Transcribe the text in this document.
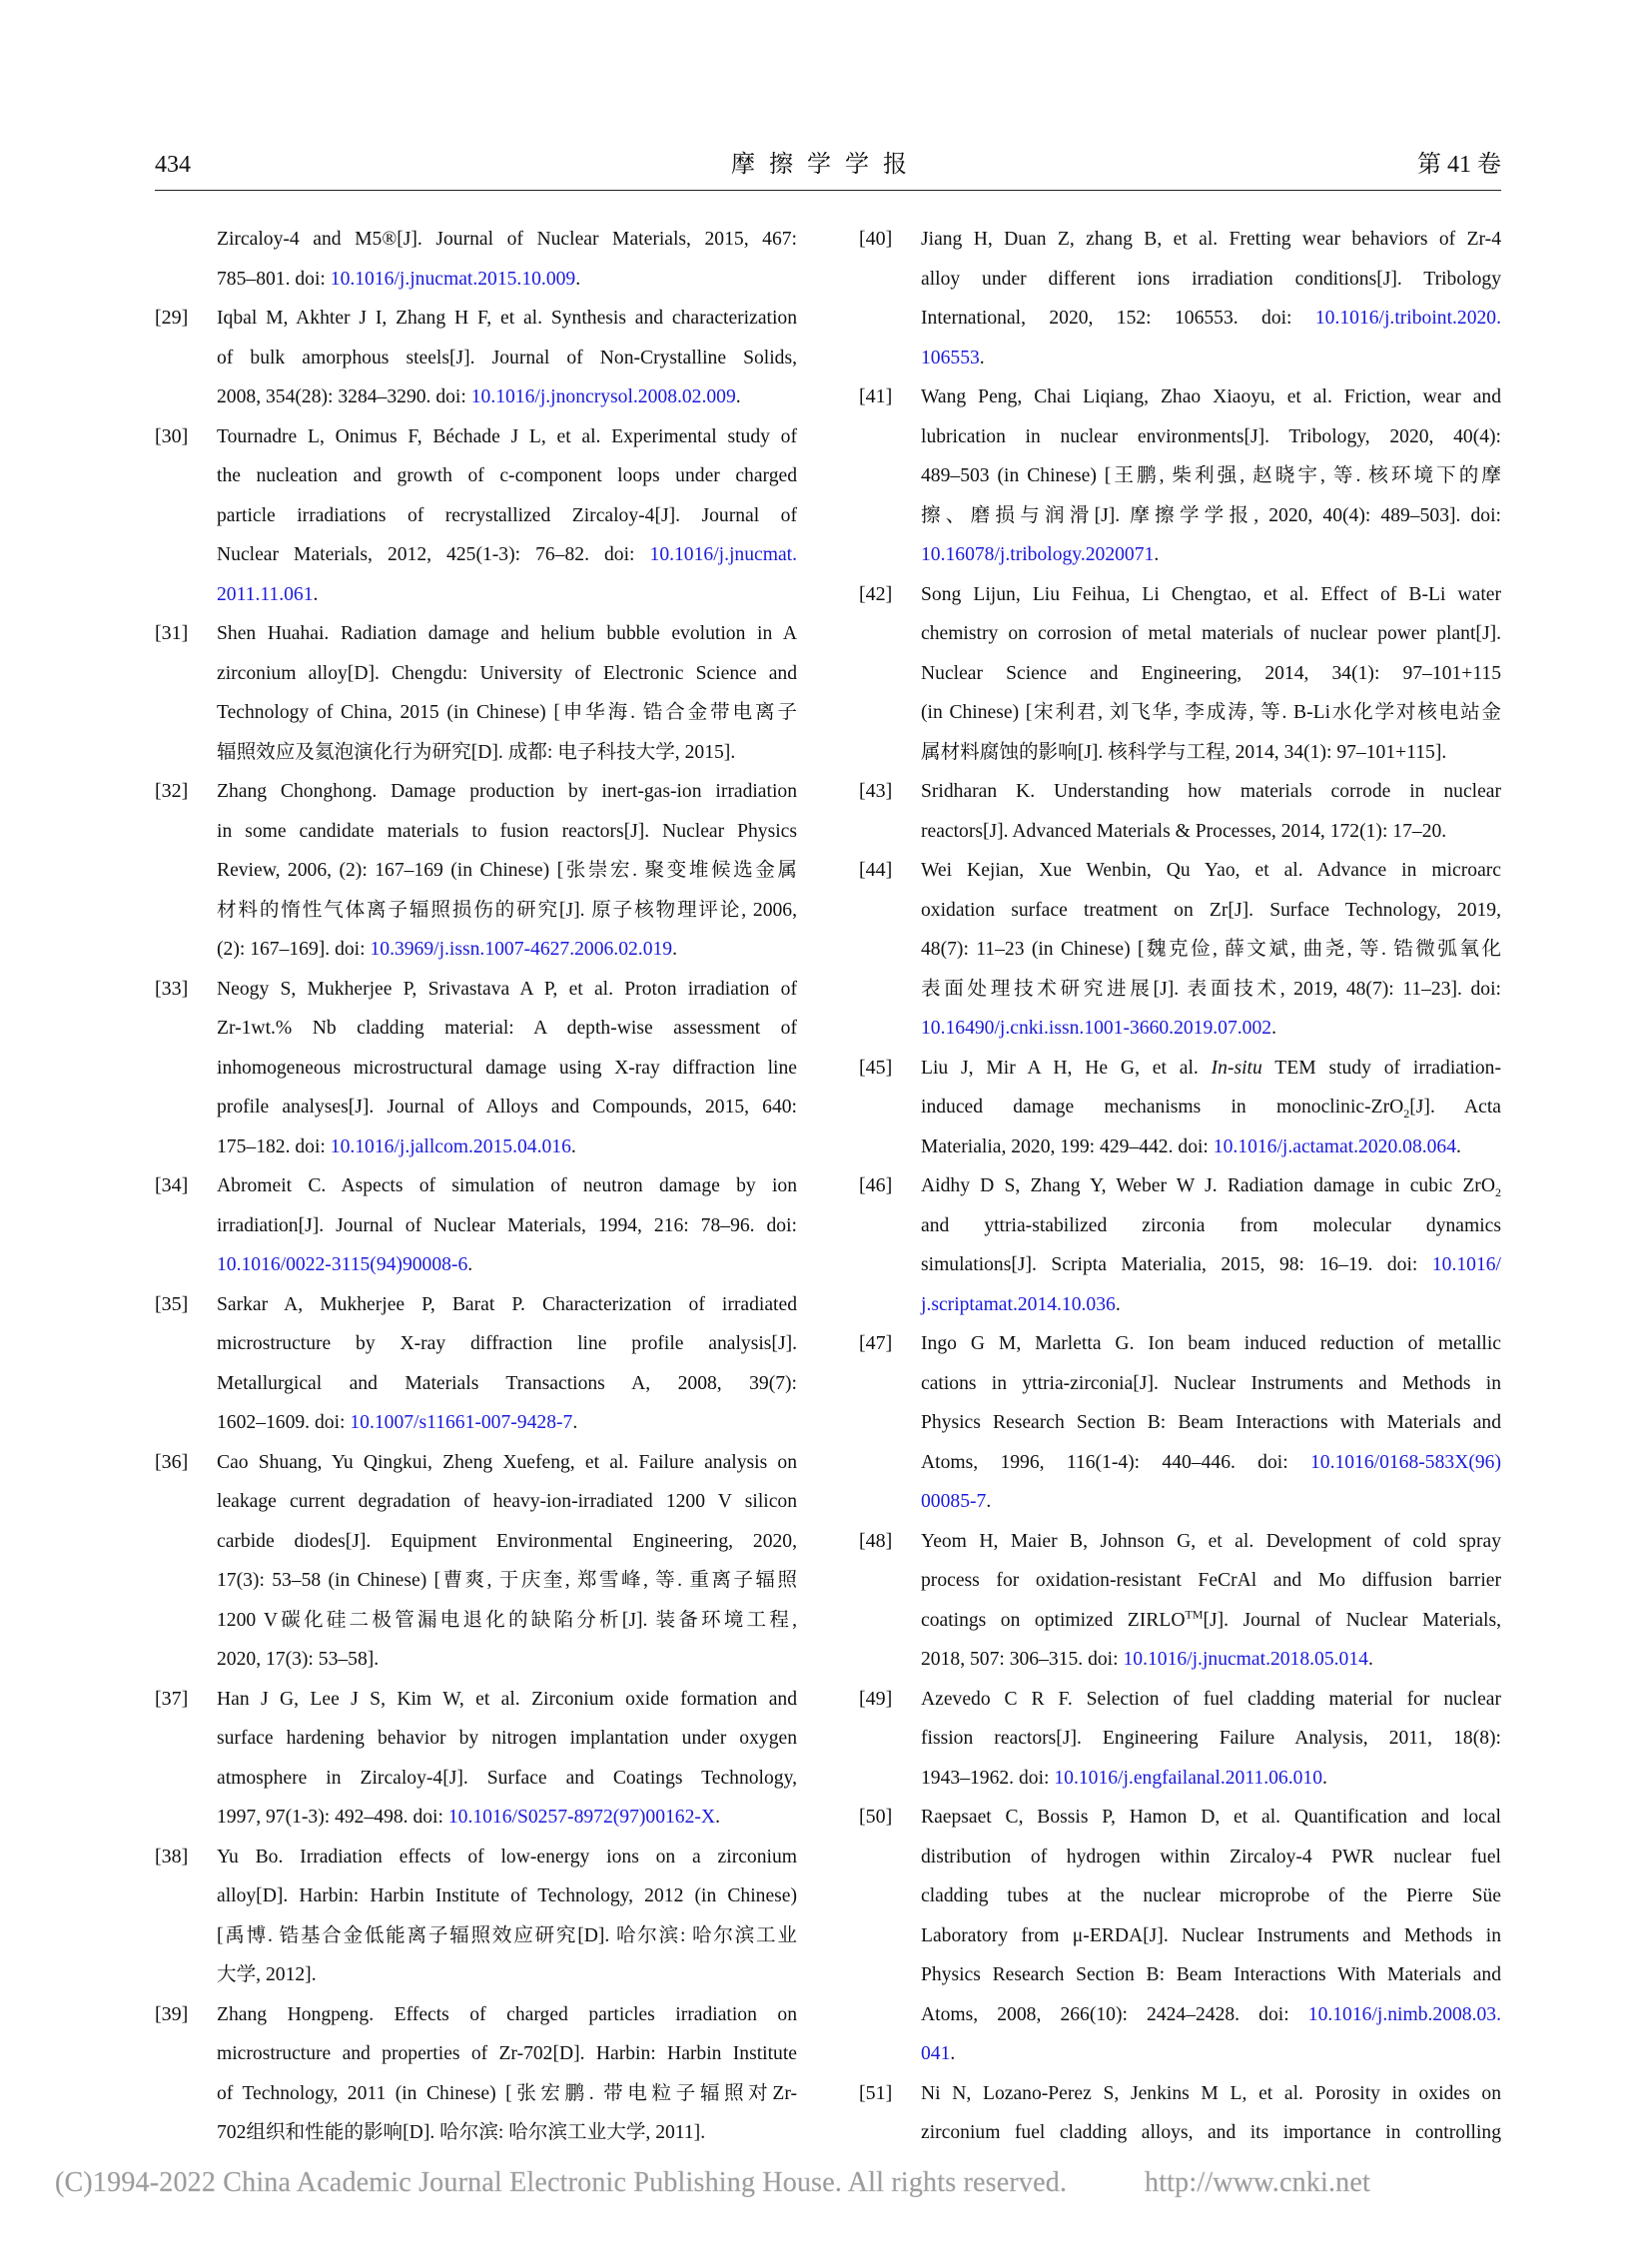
434	摩擦学学报	第 41 卷
Zircaloy-4 and M5®[J]. Journal of Nuclear Materials, 2015, 467:
785–801. doi: 10.1016/j.jnucmat.2015.10.009.
[29] Iqbal M, Akhter J I, Zhang H F, et al. Synthesis and characterization
of bulk amorphous steels[J]. Journal of Non-Crystalline Solids,
2008, 354(28): 3284–3290. doi: 10.1016/j.jnoncrysol.2008.02.009.
[30] Tournadre L, Onimus F, Béchade J L, et al. Experimental study of
the nucleation and growth of c-component loops under charged
particle irradiations of recrystallized Zircaloy-4[J]. Journal of
Nuclear Materials, 2012, 425(1-3): 76–82. doi: 10.1016/j.jnucmat.
2011.11.061.
[31] Shen Huahai. Radiation damage and helium bubble evolution in A
zirconium alloy[D]. Chengdu: University of Electronic Science and
Technology of China, 2015 (in Chinese) [申华海. 锆合金带电离子
辐照效应及氦泡演化行为研究[D]. 成都: 电子科技大学, 2015].
[32] Zhang Chonghong. Damage production by inert-gas-ion irradiation
in some candidate materials to fusion reactors[J]. Nuclear Physics
Review, 2006, (2): 167–169 (in Chinese) [张崇宏. 聚变堆候选金属
材料的惰性气体离子辐照损伤的研究[J]. 原子核物理评论, 2006,
(2): 167–169]. doi: 10.3969/j.issn.1007-4627.2006.02.019.
[33] Neogy S, Mukherjee P, Srivastava A P, et al. Proton irradiation of
Zr-1wt.% Nb cladding material: A depth-wise assessment of
inhomogeneous microstructural damage using X-ray diffraction line
profile analyses[J]. Journal of Alloys and Compounds, 2015, 640:
175–182. doi: 10.1016/j.jallcom.2015.04.016.
[34] Abromeit C. Aspects of simulation of neutron damage by ion
irradiation[J]. Journal of Nuclear Materials, 1994, 216: 78–96. doi:
10.1016/0022-3115(94)90008-6.
[35] Sarkar A, Mukherjee P, Barat P. Characterization of irradiated
microstructure by X-ray diffraction line profile analysis[J].
Metallurgical and Materials Transactions A, 2008, 39(7):
1602–1609. doi: 10.1007/s11661-007-9428-7.
[36] Cao Shuang, Yu Qingkui, Zheng Xuefeng, et al. Failure analysis on
leakage current degradation of heavy-ion-irradiated 1200 V silicon
carbide diodes[J]. Equipment Environmental Engineering, 2020,
17(3): 53–58 (in Chinese) [曹爽, 于庆奎, 郑雪峰, 等. 重离子辐照
1200 V碳化硅二极管漏电退化的缺陷分析[J]. 装备环境工程,
2020, 17(3): 53–58].
[37] Han J G, Lee J S, Kim W, et al. Zirconium oxide formation and
surface hardening behavior by nitrogen implantation under oxygen
atmosphere in Zircaloy-4[J]. Surface and Coatings Technology,
1997, 97(1-3): 492–498. doi: 10.1016/S0257-8972(97)00162-X.
[38] Yu Bo. Irradiation effects of low-energy ions on a zirconium
alloy[D]. Harbin: Harbin Institute of Technology, 2012 (in Chinese)
[禹博. 锆基合金低能离子辐照效应研究[D]. 哈尔滨: 哈尔滨工业
大学, 2012].
[39] Zhang Hongpeng. Effects of charged particles irradiation on
microstructure and properties of Zr-702[D]. Harbin: Harbin Institute
of Technology, 2011 (in Chinese) [张宏鹏. 带电粒子辐照对Zr-
702组织和性能的影响[D]. 哈尔滨: 哈尔滨工业大学, 2011].
[40] Jiang H, Duan Z, zhang B, et al. Fretting wear behaviors of Zr-4
alloy under different ions irradiation conditions[J]. Tribology
International, 2020, 152: 106553. doi: 10.1016/j.triboint.2020.
106553.
[41] Wang Peng, Chai Liqiang, Zhao Xiaoyu, et al. Friction, wear and
lubrication in nuclear environments[J]. Tribology, 2020, 40(4):
489–503 (in Chinese) [王鹏, 柴利强, 赵晓宇, 等. 核环境下的摩
擦、磨损与润滑[J]. 摩擦学学报, 2020, 40(4): 489–503]. doi:
10.16078/j.tribology.2020071.
[42] Song Lijun, Liu Feihua, Li Chengtao, et al. Effect of B-Li water
chemistry on corrosion of metal materials of nuclear power plant[J].
Nuclear Science and Engineering, 2014, 34(1): 97–101+115
(in Chinese) [宋利君, 刘飞华, 李成涛, 等. B-Li水化学对核电站金
属材料腐蚀的影响[J]. 核科学与工程, 2014, 34(1): 97–101+115].
[43] Sridharan K. Understanding how materials corrode in nuclear
reactors[J]. Advanced Materials & Processes, 2014, 172(1): 17–20.
[44] Wei Kejian, Xue Wenbin, Qu Yao, et al. Advance in microarc
oxidation surface treatment on Zr[J]. Surface Technology, 2019,
48(7): 11–23 (in Chinese) [魏克俭, 薛文斌, 曲尧, 等. 锆微弧氧化
表面处理技术研究进展[J]. 表面技术, 2019, 48(7): 11–23]. doi:
10.16490/j.cnki.issn.1001-3660.2019.07.002.
[45] Liu J, Mir A H, He G, et al. In-situ TEM study of irradiation-
induced damage mechanisms in monoclinic-ZrO$_2$[J]. Acta
Materialia, 2020, 199: 429–442. doi: 10.1016/j.actamat.2020.08.064.
[46] Aidhy D S, Zhang Y, Weber W J. Radiation damage in cubic ZrO$_2$
and yttria-stabilized zirconia from molecular dynamics
simulations[J]. Scripta Materialia, 2015, 98: 16–19. doi: 10.1016/
j.scriptamat.2014.10.036.
[47] Ingo G M, Marletta G. Ion beam induced reduction of metallic
cations in yttria-zirconia[J]. Nuclear Instruments and Methods in
Physics Research Section B: Beam Interactions with Materials and
Atoms, 1996, 116(1-4): 440–446. doi: 10.1016/0168-583X(96)
00085-7.
[48] Yeom H, Maier B, Johnson G, et al. Development of cold spray
process for oxidation-resistant FeCrAl and Mo diffusion barrier
coatings on optimized ZIRLO™[J]. Journal of Nuclear Materials,
2018, 507: 306–315. doi: 10.1016/j.jnucmat.2018.05.014.
[49] Azevedo C R F. Selection of fuel cladding material for nuclear
fission reactors[J]. Engineering Failure Analysis, 2011, 18(8):
1943–1962. doi: 10.1016/j.engfailanal.2011.06.010.
[50] Raepsaet C, Bossis P, Hamon D, et al. Quantification and local
distribution of hydrogen within Zircaloy-4 PWR nuclear fuel
cladding tubes at the nuclear microprobe of the Pierre Süe
Laboratory from μ-ERDA[J]. Nuclear Instruments and Methods in
Physics Research Section B: Beam Interactions With Materials and
Atoms, 2008, 266(10): 2424–2428. doi: 10.1016/j.nimb.2008.03.
041.
[51] Ni N, Lozano-Perez S, Jenkins M L, et al. Porosity in oxides on
zirconium fuel cladding alloys, and its importance in controlling
(C)1994-2022 China Academic Journal Electronic Publishing House. All rights reserved.	http://www.cnki.net
